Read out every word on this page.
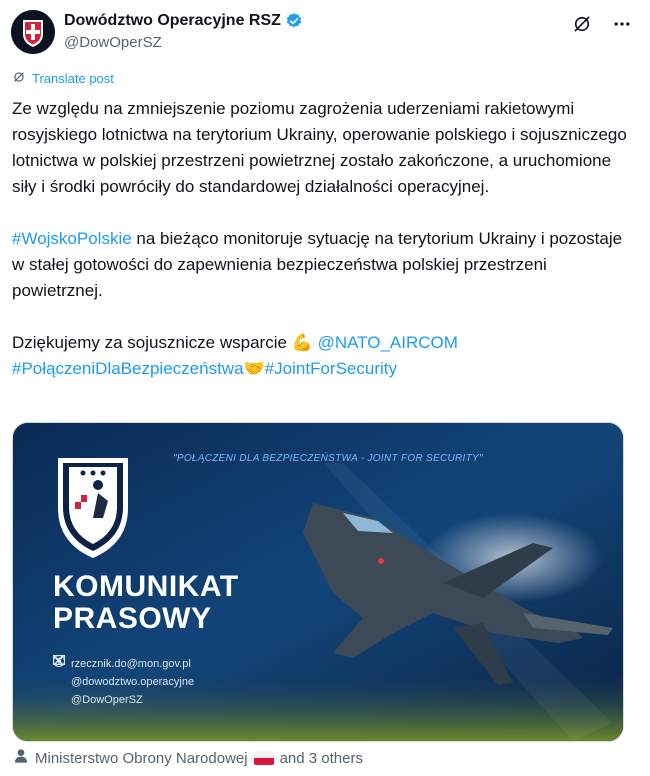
Dowództwo Operacyjne RSZ
@DowOperSZ
Translate post

Ze względu na zmniejszenie poziomu zagrożenia uderzeniami rakietowymi rosyjskiego lotnictwa na terytorium Ukrainy, operowanie polskiego i sojuszniczego lotnictwa w polskiej przestrzeni powietrznej zostało zakończone, a uruchomione siły i środki powróciły do standardowej działalności operacyjnej.

#WojskoPolskie na bieżąco monitoruje sytuację na terytorium Ukrainy i pozostaje w stałej gotowości do zapewnienia bezpieczeństwa polskiej przestrzeni powietrznej.

Dziękujemy za sojusznicze wsparcie 💪 @NATO_AIRCOM
#PołączeniDlaBezpieczeństwa🤝#JointForSecurity

"POŁĄCZENI DLA BEZPIECZEŃSTWA - JOINT FOR SECURITY"
KOMUNIKAT
PRASOWY
rzecznik.do@mon.gov.pl
@dowodztwo.operacyjne
@DowOperSZ
Ministerstwo Obrony Narodowej and 3 others
